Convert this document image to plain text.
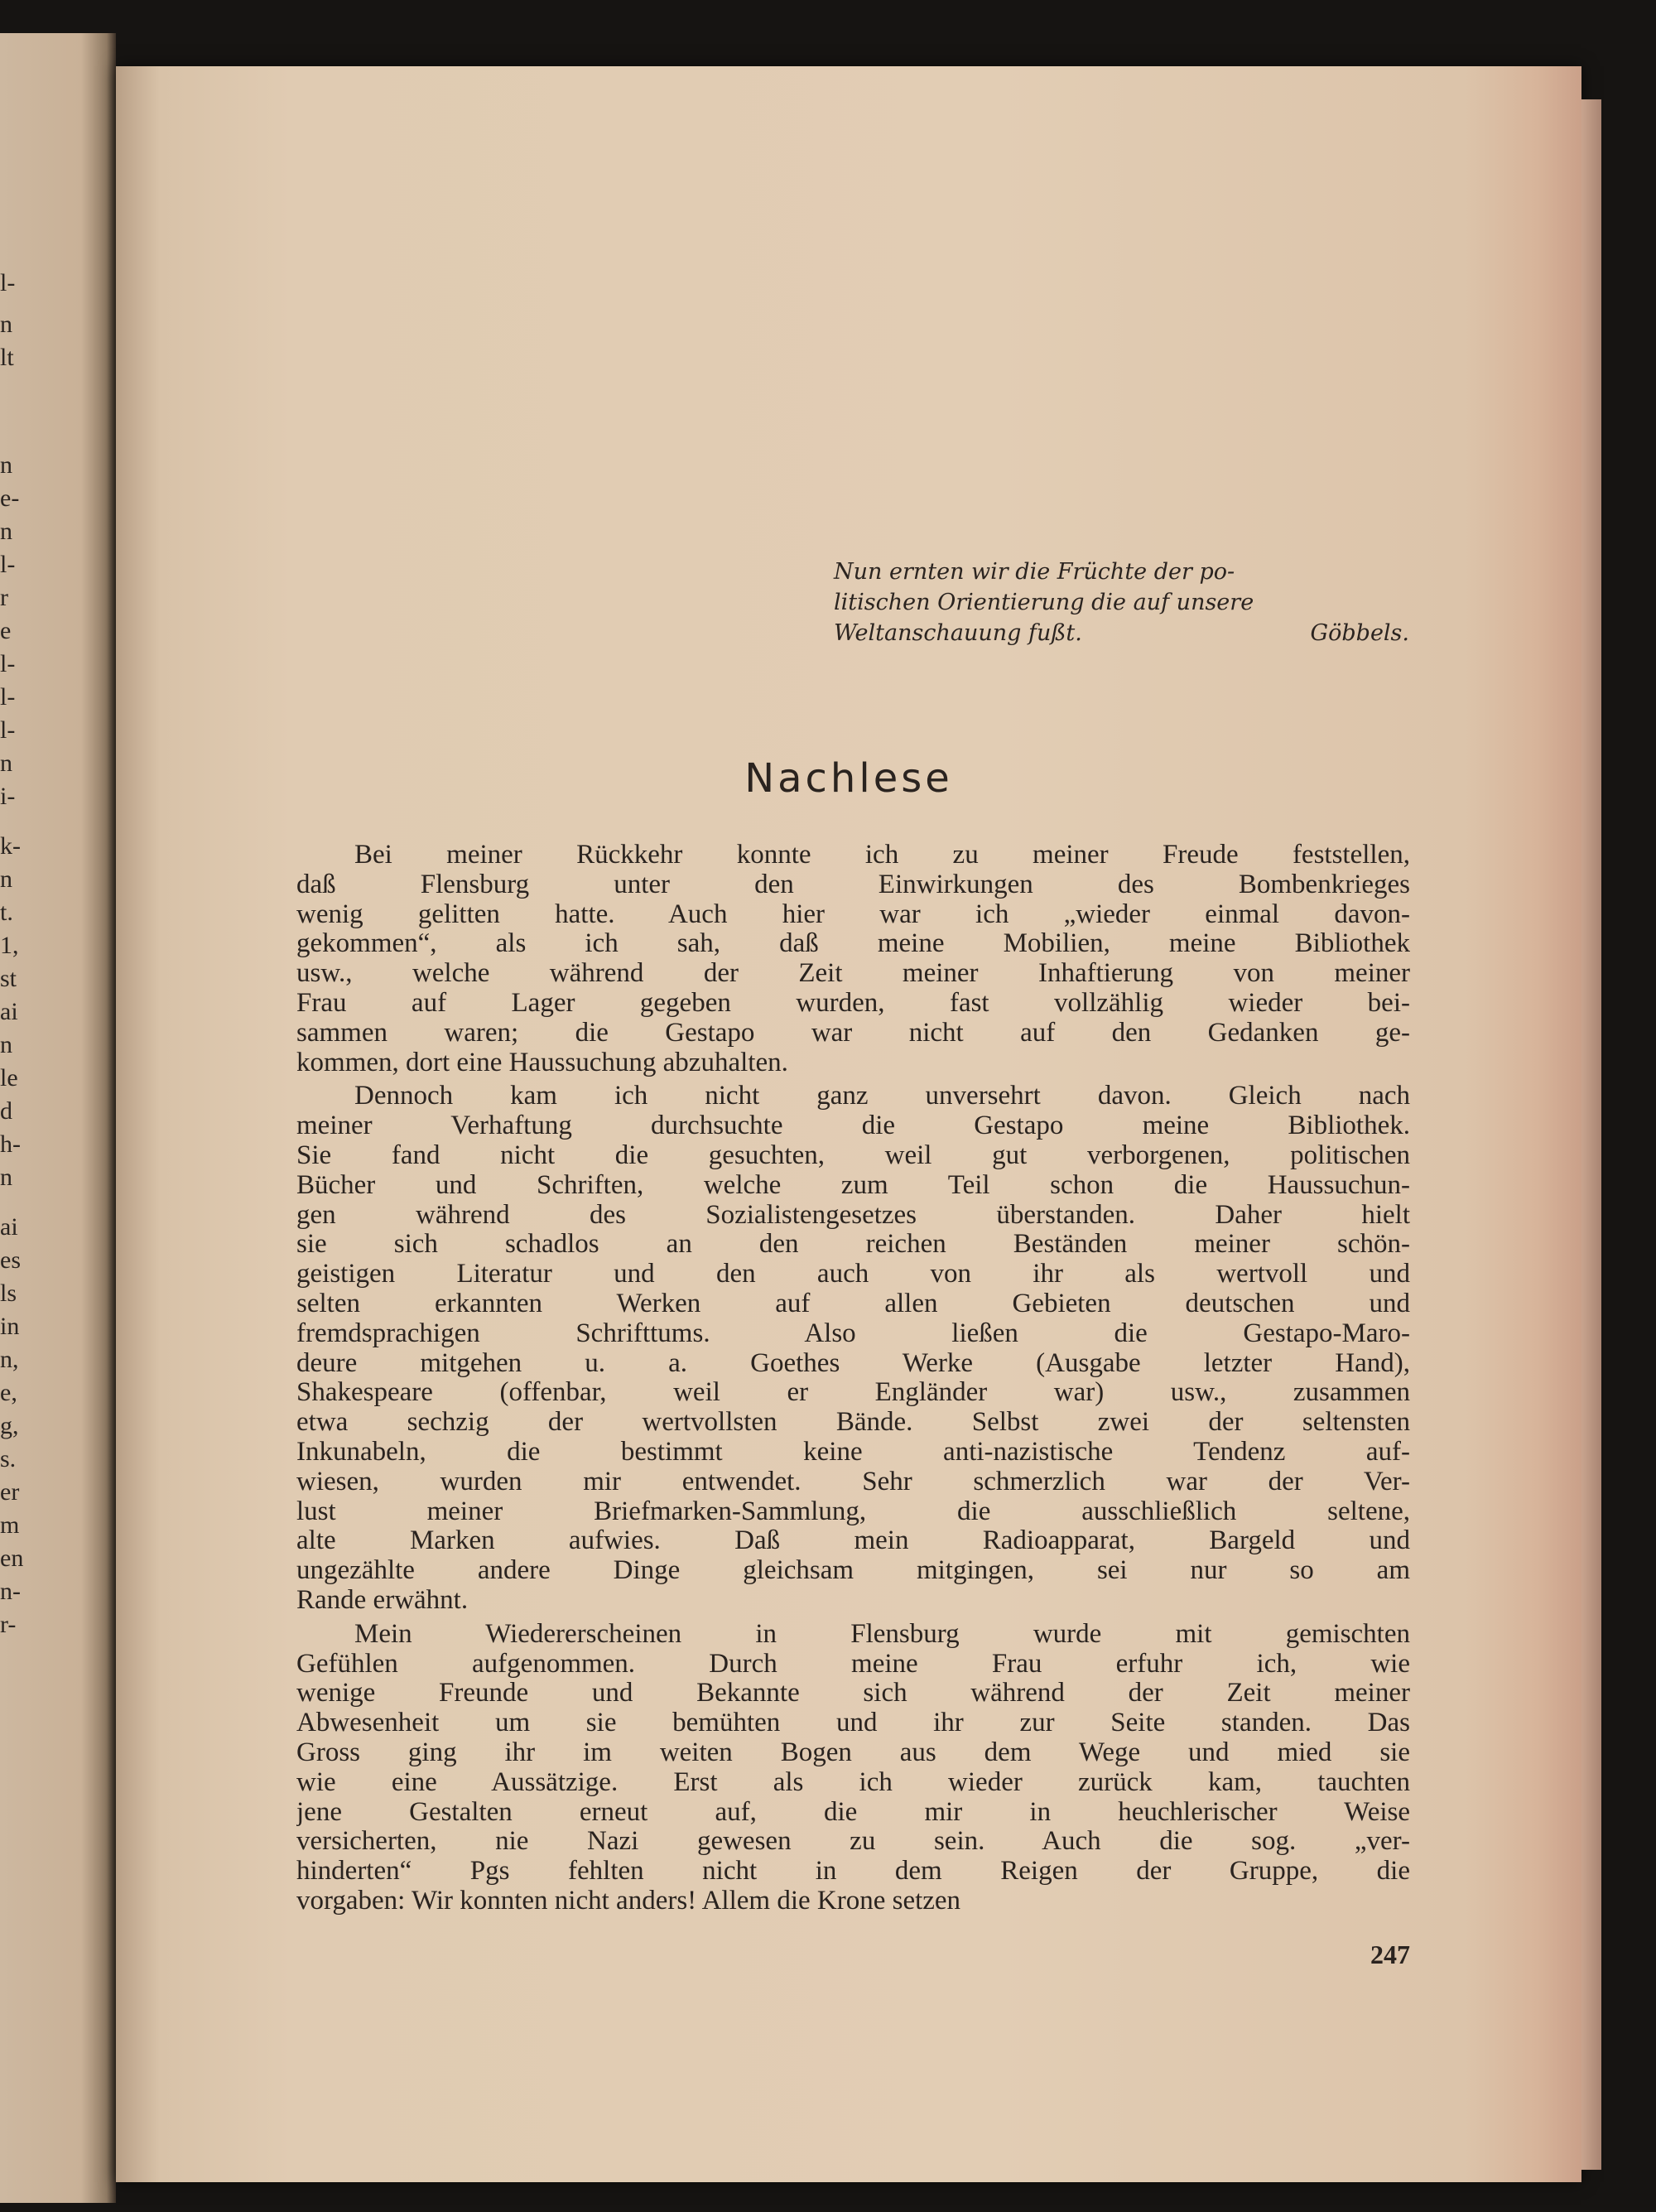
l-
n
lt
n
e-
n
l-
r
e
l-
l-
l-
n
i-
k-
n
t.
1,
st
ai
n
le
d
h-
n
ai
es
ls
in
n,
e,
g,
s.
er
m
en
n-
r-
Nun ernten wir die Früchte der po-
litischen Orientierung die auf unsere
Weltanschauung fußt.	Göbbels.
Nachlese

Bei meiner Rückkehr konnte ich zu meiner Freude feststellen,
daß Flensburg unter den Einwirkungen des Bombenkrieges
wenig gelitten hatte. Auch hier war ich „wieder einmal davon-
gekommen“, als ich sah, daß meine Mobilien, meine Bibliothek
usw., welche während der Zeit meiner Inhaftierung von meiner
Frau auf Lager gegeben wurden, fast vollzählig wieder bei-
sammen waren; die Gestapo war nicht auf den Gedanken ge-
kommen, dort eine Haussuchung abzuhalten.

Dennoch kam ich nicht ganz unversehrt davon. Gleich nach
meiner Verhaftung durchsuchte die Gestapo meine Bibliothek.
Sie fand nicht die gesuchten, weil gut verborgenen, politischen
Bücher und Schriften, welche zum Teil schon die Haussuchun-
gen während des Sozialistengesetzes überstanden. Daher hielt
sie sich schadlos an den reichen Beständen meiner schön-
geistigen Literatur und den auch von ihr als wertvoll und
selten erkannten Werken auf allen Gebieten deutschen und
fremdsprachigen Schrifttums. Also ließen die Gestapo-Maro-
deure mitgehen u. a. Goethes Werke (Ausgabe letzter Hand),
Shakespeare (offenbar, weil er Engländer war) usw., zusammen
etwa sechzig der wertvollsten Bände. Selbst zwei der seltensten
Inkunabeln, die bestimmt keine anti-nazistische Tendenz auf-
wiesen, wurden mir entwendet. Sehr schmerzlich war der Ver-
lust meiner Briefmarken-Sammlung, die ausschließlich seltene,
alte Marken aufwies. Daß mein Radioapparat, Bargeld und
ungezählte andere Dinge gleichsam mitgingen, sei nur so am
Rande erwähnt.

Mein Wiedererscheinen in Flensburg wurde mit gemischten
Gefühlen aufgenommen. Durch meine Frau erfuhr ich, wie
wenige Freunde und Bekannte sich während der Zeit meiner
Abwesenheit um sie bemühten und ihr zur Seite standen. Das
Gross ging ihr im weiten Bogen aus dem Wege und mied sie
wie eine Aussätzige. Erst als ich wieder zurück kam, tauchten
jene Gestalten erneut auf, die mir in heuchlerischer Weise
versicherten, nie Nazi gewesen zu sein. Auch die sog. „ver-
hinderten“ Pgs fehlten nicht in dem Reigen der Gruppe, die
vorgaben: Wir konnten nicht anders! Allem die Krone setzen

247
